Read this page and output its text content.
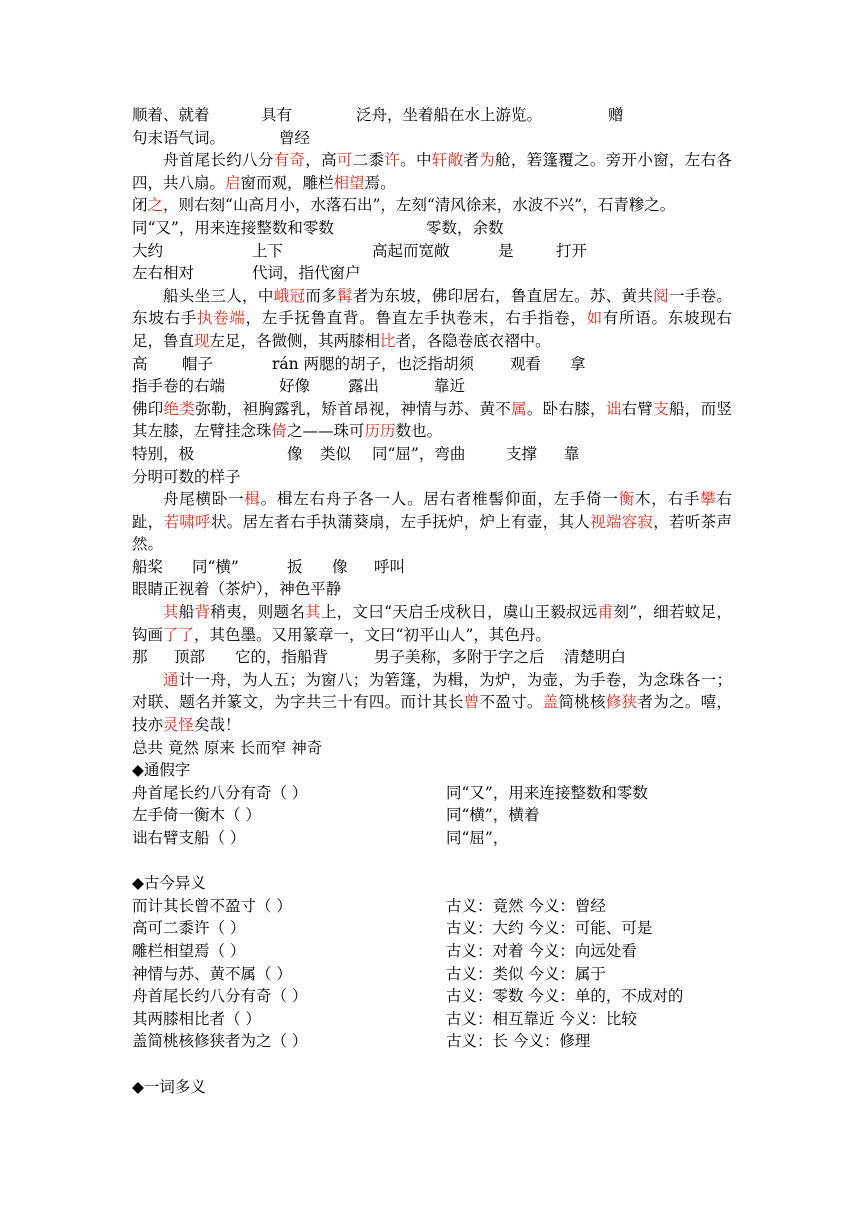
顺着、就着	具有	泛舟，坐着船在水上游览。	赠
句末语气词。	曾经
舟首尾长约八分有奇，高可二黍许。中轩敞者为舱，箬篷覆之。旁开小窗，左右各四，共八扇。启窗而观，雕栏相望焉。
闭之，则右刻“山高月小，水落石出”，左刻“清风徐来，水波不兴”，石青糁之。
同“又”，用来连接整数和零数	零数，余数
大约	上下	高起而宽敞	是	打开
左右相对	代词，指代窗户
船头坐三人，中峨冠而多髯者为东坡，佛印居右，鲁直居左。苏、黄共阅一手卷。东坡右手执卷端，左手抚鲁直背。鲁直左手执卷末，右手指卷，如有所语。东坡现右足，鲁直现左足，各微侧，其两膝相比者，各隐卷底衣褶中。
高 帽子	rán 两腮的胡子，也泛指胡须 观看 拿
指手卷的右端	好像 露出	靠近
佛印绝类弥勒，袒胸露乳，矫首昂视，神情与苏、黄不属。卧右膝，诎右臂支船，而竖其左膝，左臂挂念珠倚之——珠可历历数也。
特别，极	像 类似 同“屈”，弯曲	支撑 靠
分明可数的样子
舟尾横卧一楫。楫左右舟子各一人。居右者椎髻仰面，左手倚一衡木，右手攀右趾，若啸呼状。居左者右手执蒲葵扇，左手抚炉，炉上有壶，其人视端容寂，若听茶声然。
船桨 同“横”	扳 像 呼叫
眼睛正视着（茶炉），神色平静
其船背稍夷，则题名其上，文曰“天启壬戌秋日，虞山王毅叔远甫刻”，细若蚊足，钩画了了，其色墨。又用篆章一，文曰“初平山人”，其色丹。
那 顶部 它的，指船背	男子美称，多附于字之后 清楚明白
通计一舟，为人五；为窗八；为箬篷，为楫，为炉，为壶，为手卷，为念珠各一；对联、题名并篆文，为字共三十有四。而计其长曾不盈寸。盖简桃核修狭者为之。嘻，技亦灵怪矣哉！
总共 竟然 原来 长而窄 神奇
◆通假字
舟首尾长约八分有奇（ ）	同“又”，用来连接整数和零数
左手倚一衡木（ ）	同“横”，横着
诎右臂支船（ ）	同“屈”，
◆古今异义
而计其长曾不盈寸（ ）	古义：竟然 今义：曾经
高可二黍许（ ）	古义：大约 今义：可能、可是
雕栏相望焉（ ）	古义：对着 今义：向远处看
神情与苏、黄不属（ ）	古义：类似 今义：属于
舟首尾长约八分有奇（ ）	古义：零数 今义：单的，不成对的
其两膝相比者（ ）	古义：相互靠近 今义：比较
盖简桃核修狭者为之（ ）	古义：长 今义：修理
◆一词多义
